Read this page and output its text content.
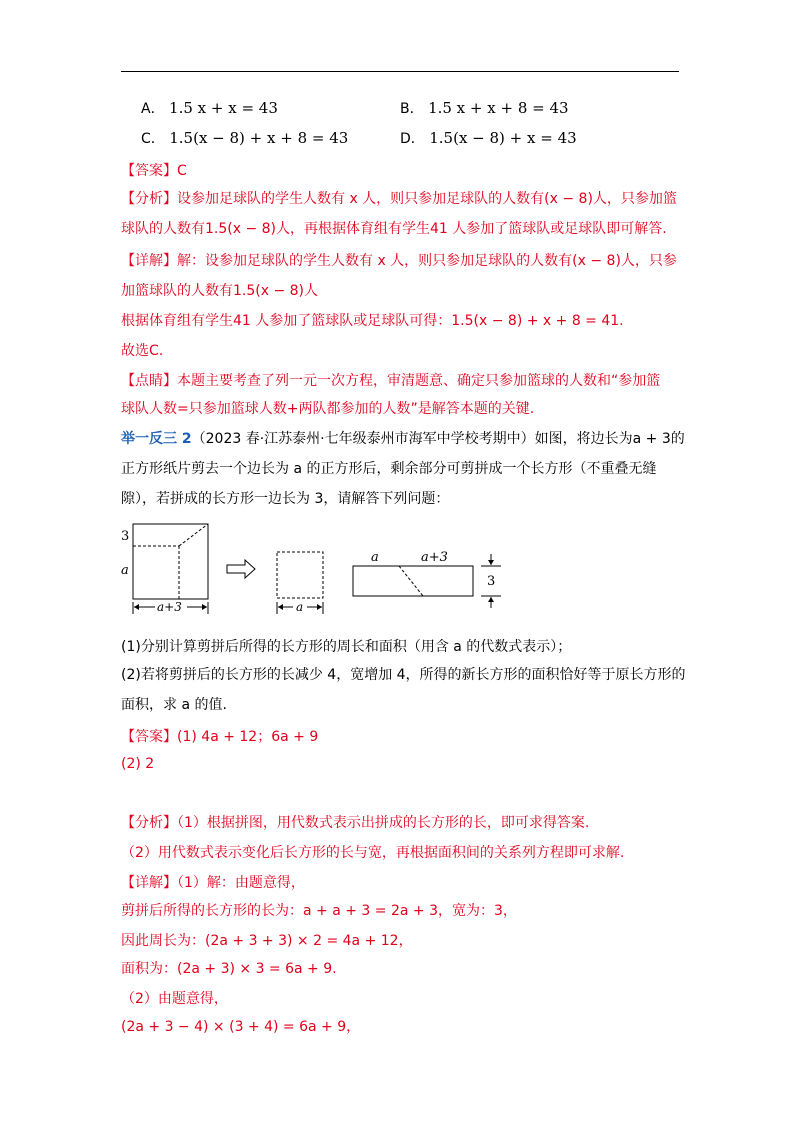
A． 1.5 x + x = 43	B． 1.5 x + x + 8 = 43
C． 1.5(x − 8) + x + 8 = 43	D． 1.5(x − 8) + x = 43
【答案】C
【分析】设参加足球队的学生人数有 x 人，则只参加足球队的人数有(x − 8)人，只参加篮
球队的人数有1.5(x − 8)人，再根据体育组有学生41 人参加了篮球队或足球队即可解答.
【详解】解：设参加足球队的学生人数有 x 人，则只参加足球队的人数有(x − 8)人，只参
加篮球队的人数有1.5(x − 8)人
根据体育组有学生41 人参加了篮球队或足球队可得：1.5(x − 8) + x + 8 = 41.
故选C.
【点睛】本题主要考查了列一元一次方程，审清题意、确定只参加篮球的人数和“参加篮
球队人数=只参加篮球人数+两队都参加的人数”是解答本题的关键.
举一反三 2（2023 春·江苏泰州·七年级泰州市海军中学校考期中）如图，将边长为a + 3的
正方形纸片剪去一个边长为 a 的正方形后，剩余部分可剪拼成一个长方形（不重叠无缝
隙），若拼成的长方形一边长为 3，请解答下列问题：
3
a
a+3	a
a	a+3
3
(1)分别计算剪拼后所得的长方形的周长和面积（用含 a 的代数式表示）；
(2)若将剪拼后的长方形的长减少 4，宽增加 4，所得的新长方形的面积恰好等于原长方形的
面积，求 a 的值.
【答案】(1) 4a + 12；6a + 9
(2) 2
【分析】（1）根据拼图，用代数式表示出拼成的长方形的长，即可求得答案.
（2）用代数式表示变化后长方形的长与宽，再根据面积间的关系列方程即可求解.
【详解】（1）解：由题意得，
剪拼后所得的长方形的长为：a + a + 3 = 2a + 3，宽为：3，
因此周长为：(2a + 3 + 3) × 2 = 4a + 12，
面积为：(2a + 3) × 3 = 6a + 9.
（2）由题意得，
(2a + 3 − 4) × (3 + 4) = 6a + 9，
